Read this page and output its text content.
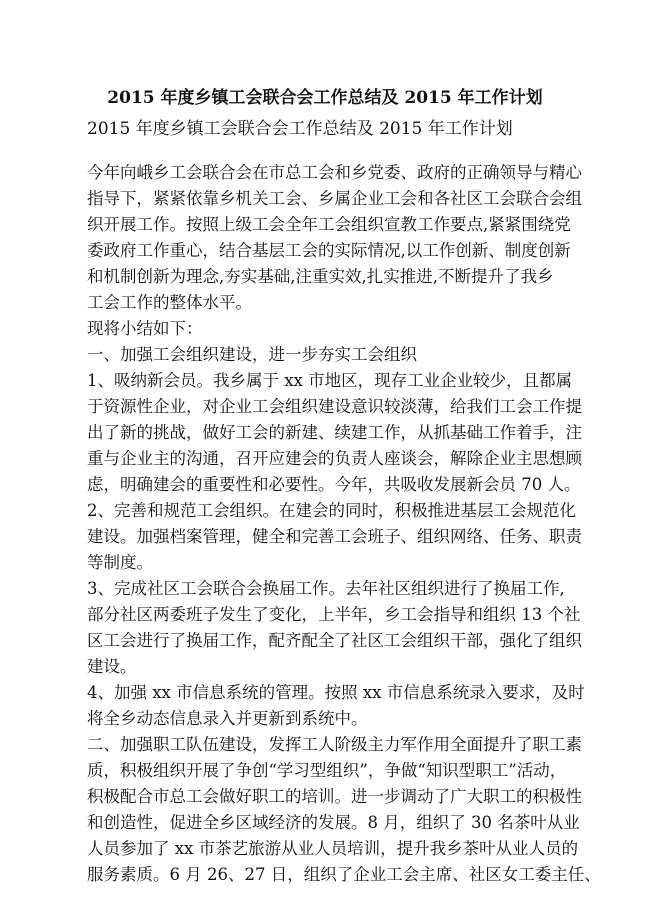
2015 年度乡镇工会联合会工作总结及 2015 年工作计划
2015 年度乡镇工会联合会工作总结及 2015 年工作计划
今年向峨乡工会联合会在市总工会和乡党委、政府的正确领导与精心
指导下，紧紧依靠乡机关工会、乡属企业工会和各社区工会联合会组
织开展工作。按照上级工会全年工会组织宣教工作要点,紧紧围绕党
委政府工作重心，结合基层工会的实际情况,以工作创新、制度创新
和机制创新为理念,夯实基础,注重实效,扎实推进,不断提升了我乡
工会工作的整体水平。
现将小结如下：
一、加强工会组织建设，进一步夯实工会组织
1、吸纳新会员。我乡属于 xx 市地区，现存工业企业较少，且都属
于资源性企业，对企业工会组织建设意识较淡薄，给我们工会工作提
出了新的挑战，做好工会的新建、续建工作，从抓基础工作着手，注
重与企业主的沟通，召开应建会的负责人座谈会，解除企业主思想顾
虑，明确建会的重要性和必要性。今年，共吸收发展新会员 70 人。
2、完善和规范工会组织。在建会的同时，积极推进基层工会规范化
建设。加强档案管理，健全和完善工会班子、组织网络、任务、职责
等制度。
3、完成社区工会联合会换届工作。去年社区组织进行了换届工作,
部分社区两委班子发生了变化，上半年，乡工会指导和组织 13 个社
区工会进行了换届工作，配齐配全了社区工会组织干部，强化了组织
建设。
4、加强 xx 市信息系统的管理。按照 xx 市信息系统录入要求，及时
将全乡动态信息录入并更新到系统中。
二、加强职工队伍建设，发挥工人阶级主力军作用全面提升了职工素
质，积极组织开展了争创“学习型组织”，争做“知识型职工”活动，
积极配合市总工会做好职工的培训。进一步调动了广大职工的积极性
和创造性，促进全乡区域经济的发展。8 月，组织了 30 名茶叶从业
人员参加了 xx 市茶艺旅游从业人员培训，提升我乡茶叶从业人员的
服务素质。6 月 26、27 日，组织了企业工会主席、社区女工委主任、
